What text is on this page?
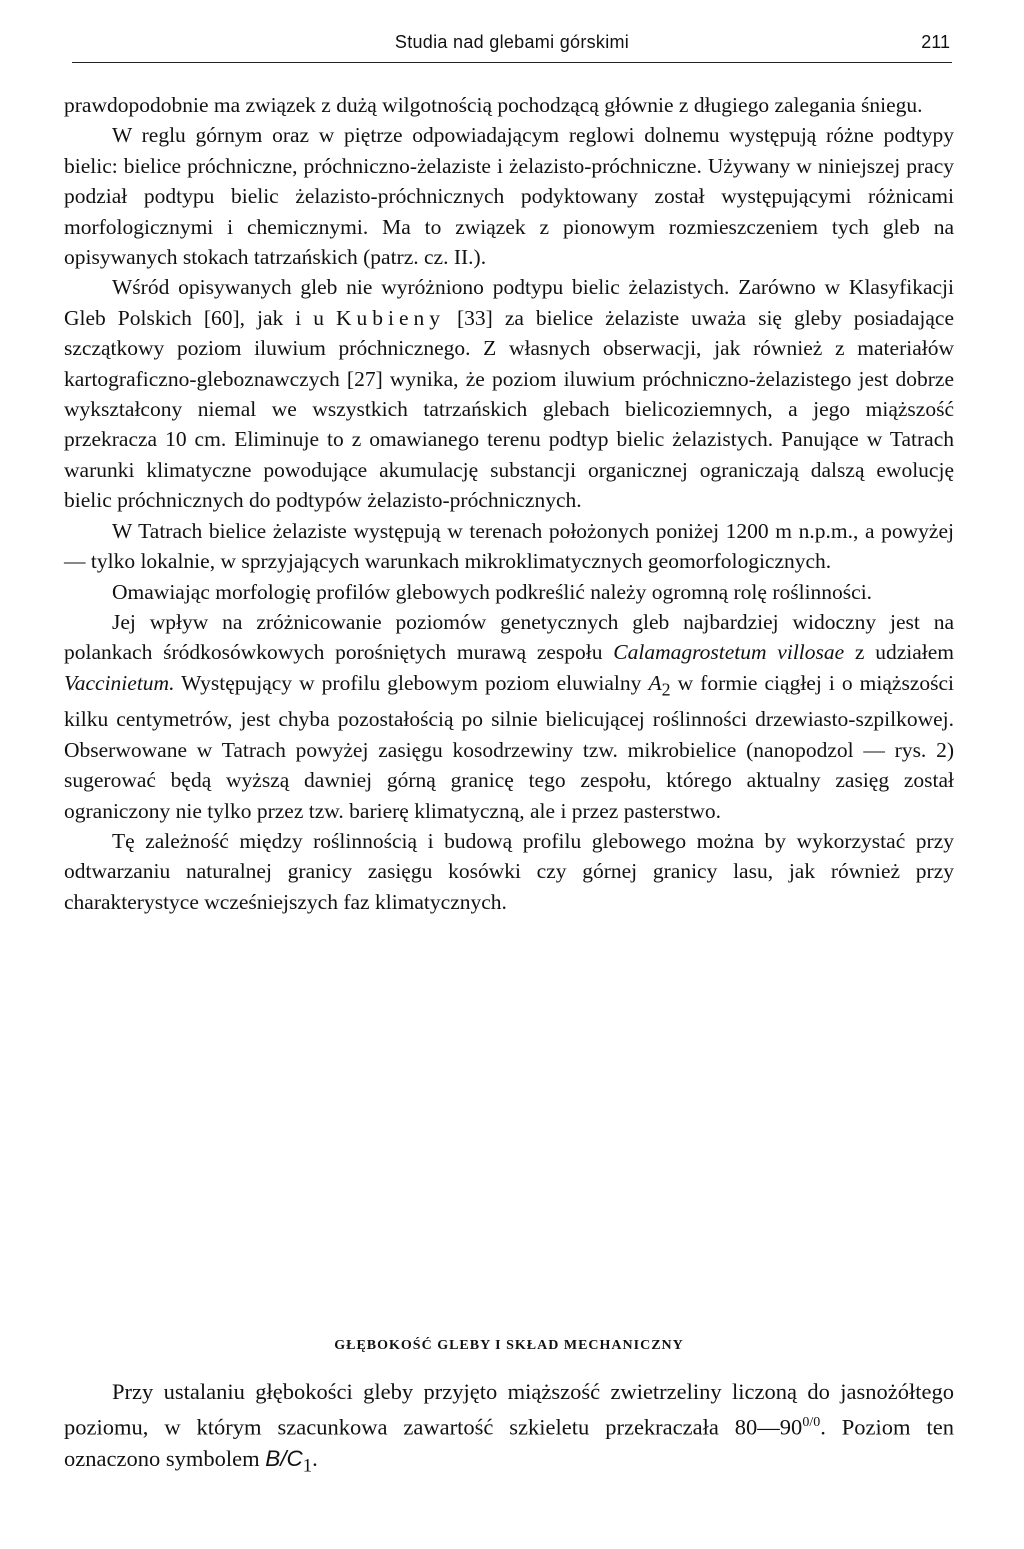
Studia nad glebami górskimi	211

prawdopodobnie ma związek z dużą wilgotnością pochodzącą głównie z długiego zalegania śniegu.

W reglu górnym oraz w piętrze odpowiadającym reglowi dolnemu występują różne podtypy bielic: bielice próchniczne, próchniczno-żelaziste i żelazisto-próchniczne. Używany w niniejszej pracy podział podtypu bielic żelazisto-próchnicznych podyktowany został występującymi różnicami morfologicznymi i chemicznymi. Ma to związek z pionowym rozmieszczeniem tych gleb na opisywanych stokach tatrzańskich (patrz. cz. II.).

Wśród opisywanych gleb nie wyróżniono podtypu bielic żelazistych. Zarówno w Klasyfikacji Gleb Polskich [60], jak i u Kubieny [33] za bielice żelaziste uważa się gleby posiadające szczątkowy poziom iluwium próchnicznego. Z własnych obserwacji, jak również z materiałów kartograficzno-gleboznawczych [27] wynika, że poziom iluwium próchniczno-żelazistego jest dobrze wykształcony niemal we wszystkich tatrzańskich glebach bielicoziemnych, a jego miąższość przekracza 10 cm. Eliminuje to z omawianego terenu podtyp bielic żelazistych. Panujące w Tatrach warunki klimatyczne powodujące akumulację substancji organicznej ograniczają dalszą ewolucję bielic próchnicznych do podtypów żelazisto-próchnicznych.

W Tatrach bielice żelaziste występują w terenach położonych poniżej 1200 m n.p.m., a powyżej — tylko lokalnie, w sprzyjających warunkach mikroklimatycznych geomorfologicznych.

Omawiając morfologię profilów glebowych podkreślić należy ogromną rolę roślinności.

Jej wpływ na zróżnicowanie poziomów genetycznych gleb najbardziej widoczny jest na polankach śródkosówkowych porośniętych murawą zespołu Calamagrostetum villosae z udziałem Vaccinietum. Występujący w profilu glebowym poziom eluwialny $A_2$ w formie ciągłej i o miąższości kilku centymetrów, jest chyba pozostałością po silnie bielicującej roślinności drzewiasto-szpilkowej. Obserwowane w Tatrach powyżej zasięgu kosodrzewiny tzw. mikrobielice (nanopodzol — rys. 2) sugerować będą wyższą dawniej górną granicę tego zespołu, którego aktualny zasięg został ograniczony nie tylko przez tzw. barierę klimatyczną, ale i przez pasterstwo.

Tę zależność między roślinnością i budową profilu glebowego można by wykorzystać przy odtwarzaniu naturalnej granicy zasięgu kosówki czy górnej granicy lasu, jak również przy charakterystyce wcześniejszych faz klimatycznych.

GŁĘBOKOŚĆ GLEBY I SKŁAD MECHANICZNY

Przy ustalaniu głębokości gleby przyjęto miąższość zwietrzeliny liczoną do jasnożółtego poziomu, w którym szacunkowa zawartość szkieletu przekraczała $80—90^{0/0}$. Poziom ten oznaczono symbolem $B/C_1$.
